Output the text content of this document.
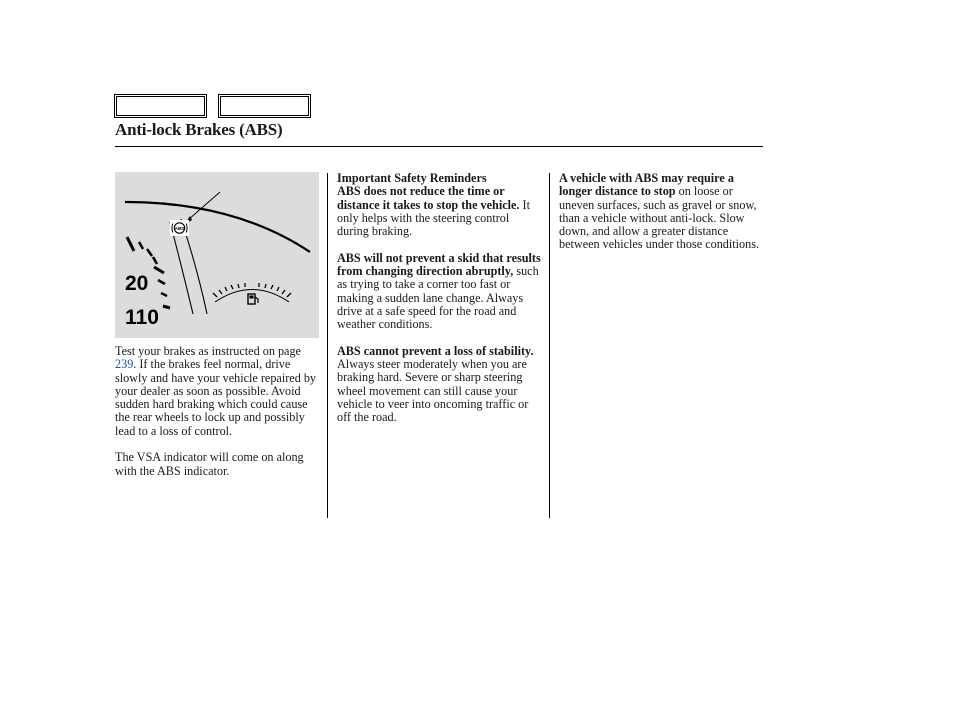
Anti-lock Brakes (ABS)
20
110
ABS

Test your brakes as instructed on page 239. If the brakes feel normal, drive slowly and have your vehicle repaired by your dealer as soon as possible. Avoid sudden hard braking which could cause the rear wheels to lock up and possibly lead to a loss of control.

The VSA indicator will come on along with the ABS indicator.

Important Safety Reminders

ABS does not reduce the time or distance it takes to stop the vehicle. It only helps with the steering control during braking.

ABS will not prevent a skid that results from changing direction abruptly, such as trying to take a corner too fast or making a sudden lane change. Always drive at a safe speed for the road and weather conditions.

ABS cannot prevent a loss of stability. Always steer moderately when you are braking hard. Severe or sharp steering wheel movement can still cause your vehicle to veer into oncoming traffic or off the road.

A vehicle with ABS may require a longer distance to stop on loose or uneven surfaces, such as gravel or snow, than a vehicle without anti-lock. Slow down, and allow a greater distance between vehicles under those conditions.
